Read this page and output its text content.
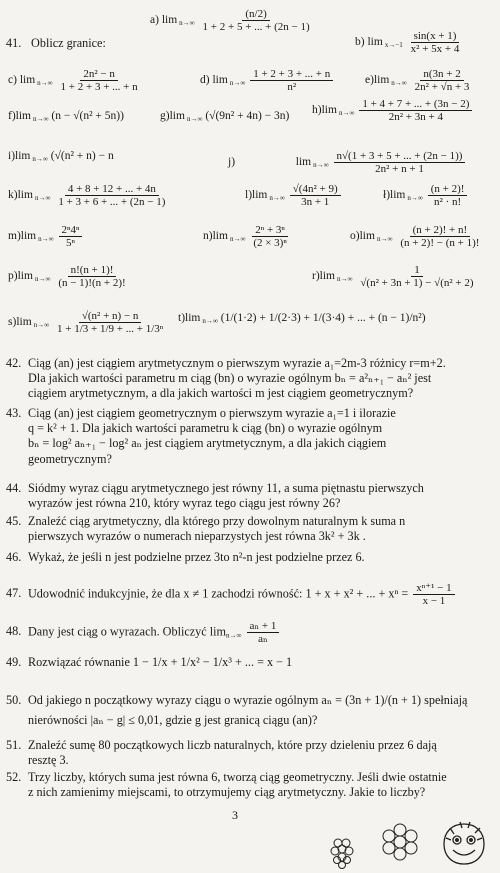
41. Oblicz granice:
a) $\lim _{n\to\infty} \frac{(n/2)}{1 + 2 + 5 + ... + (2n - 1)}$
b) $\lim _{x\to-1} \frac{\sin(x + 1)}{\text{x² + 5x + 4}}$
c) $\lim _{n\to\infty} \frac{\text{2n² − n}}{1 + 2 + 3 + ... + n}$	d) $\lim _{n\to\infty} \frac{1 + 2 + 3 + ... + n}{\text{n²}}$	e)lim $_{n\to\infty} \frac{n(3n + 2}{\text{2n² + √n + 3}}$
f)lim $_{n\to\infty}$ (n − √(n² + 5n))	g)lim $_{n\to\infty}$ (√(9n² + 4n) − 3n) h)lim $_{n\to\infty} \frac{1 + 4 + 7 + ... + (3n - 2)}{\text{2n² + 3n + 4}}$
i)lim $_{n\to\infty}$ (√(n² + n) − n
j)	$\lim _{n\to\infty} \frac{n√(1 + 3 + 5 + ... + (2n - 1))}{\text{2n² + n + 1}}$
k)lim $_{n\to\infty} \frac{4 + 8 + 12 + ... + 4n}{1 + 3 + 6 + ... + (2n - 1)}$	l)lim $_{n\to\infty} \frac{\text{√(4n² + 9)}}{3n + 1}$	ł)lim $_{n\to\infty} \frac{(n + 2)!}{\text{n² · n!}}$
m)lim $_{n\to\infty} \frac{\text{2ⁿ4ⁿ}}{\text{5ⁿ}}$	n)lim $_{n\to\infty} \frac{\text{2ⁿ + 3ⁿ}}{\text{(2 × 3)ⁿ}}$	o)lim $_{n\to\infty} \frac{(n + 2)! + n!}{(n + 2)! - (n + 1)!}$
p)lim $_{n\to\infty} \frac{n!(n + 1)!}{(n - 1)!(n + 2)!}$	r)lim $_{n\to\infty} \frac{1}{\text{√(n² + 3n + 1) − √(n² + 2)}}$
s)lim $_{n\to\infty} \frac{\text{√(n² + n) − n}}{\text{1 + 1/3 + 1/9 + ... + 1/3ⁿ}} t)\lim$ $_{n\to\infty}$ (1/(1·2) + 1/(2·3) + 1/(3·4) + ... + (n − 1)/n²)
42. Ciąg (an) jest ciągiem arytmetycznym o pierwszym wyrazie a₁=2m-3 różnicy r=m+2.
Dla jakich wartości parametru m ciąg (bn) o wyrazie ogólnym bₙ = a²ₙ₊₁ − aₙ² jest
ciągiem arytmetycznym, a dla jakich wartości m jest ciągiem geometrycznym?
43. Ciąg (an) jest ciągiem geometrycznym o pierwszym wyrazie a₁=1 i ilorazie
q = k² + 1. Dla jakich wartości parametru k ciąg (bn) o wyrazie ogólnym
bₙ = log² aₙ₊₁ − log² aₙ jest ciągiem arytmetycznym, a dla jakich ciągiem
geometrycznym?
44. Siódmy wyraz ciągu arytmetycznego jest równy 11, a suma piętnastu pierwszych
wyrazów jest równa 210, który wyraz tego ciągu jest równy 26?
45. Znaleźć ciąg arytmetyczny, dla którego przy dowolnym naturalnym k suma n
pierwszych wyrazów o numerach nieparzystych jest równa 3k² + 3k .
46. Wykaż, że jeśli n jest podzielne przez 3to n²-n jest podzielne przez 6.
47. Udowodnić indukcyjnie, że dla x ≠ 1 zachodzi równość: 1 + x + x² + ... + $x^n = \frac{\text{xⁿ⁺¹ − 1}}{x - 1}$
48. Dany jest ciąg o wyrazach. Obliczyć $\lim_{n\to\infty} \frac{\text{aₙ + 1}}{\text{aₙ}}$
49. Rozwiązać równanie 1 − 1/x + 1/x² − 1/x³ + ... = x − 1
50. Od jakiego n początkowy wyrazy ciągu o wyrazie ogólnym aₙ = (3n + 1)/(n + 1) spełniają
nierówności |aₙ − g| ≤ 0,01, gdzie g jest granicą ciągu (an)?
51. Znaleźć sumę 80 początkowych liczb naturalnych, które przy dzieleniu przez 6 dają
resztę 3.
52. Trzy liczby, których suma jest równa 6, tworzą ciąg geometryczny. Jeśli dwie ostatnie
z nich zamienimy miejscami, to otrzymujemy ciąg arytmetyczny. Jakie to liczby?
3
